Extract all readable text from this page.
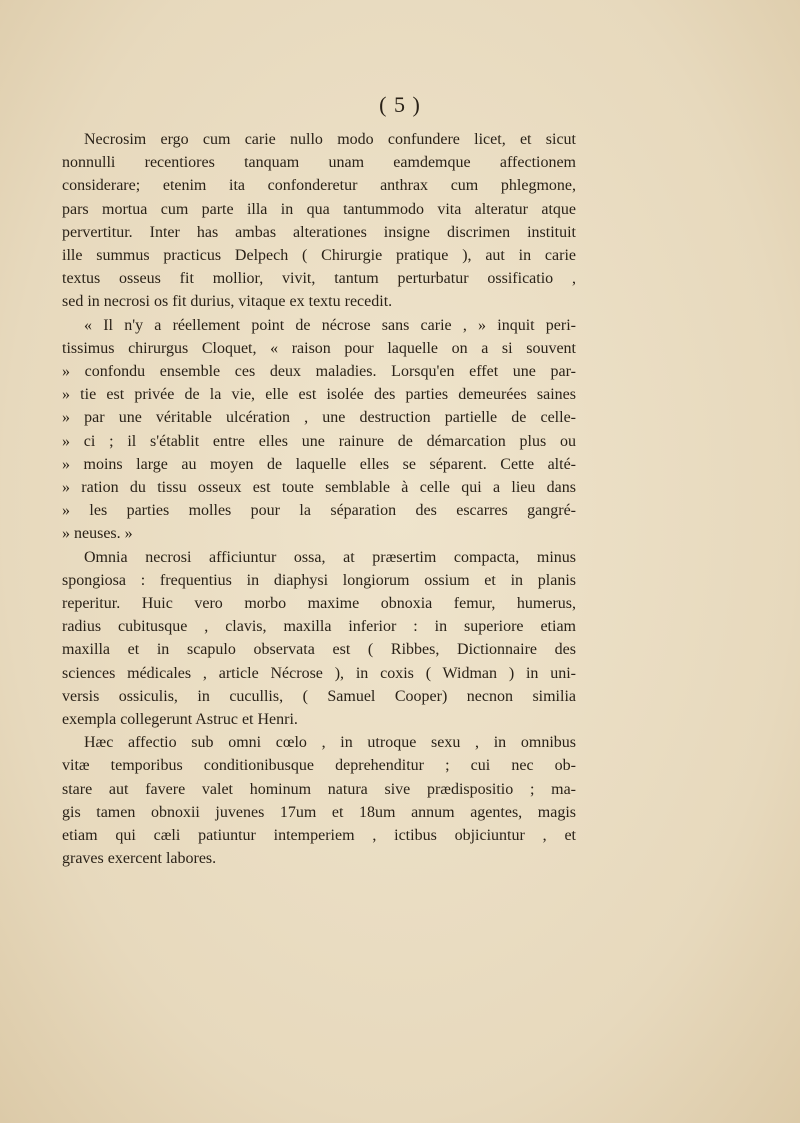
( 5 )
Necrosim ergo cum carie nullo modo confundere licet, et sicut
nonnulli recentiores tanquam unam eamdemque affectionem
considerare; etenim ita confonderetur anthrax cum phlegmone,
pars mortua cum parte illa in qua tantummodo vita alteratur atque
pervertitur. Inter has ambas alterationes insigne discrimen instituit
ille summus practicus Delpech ( Chirurgie pratique ), aut in carie
textus osseus fit mollior, vivit, tantum perturbatur ossificatio ,
sed in necrosi os fit durius, vitaque ex textu recedit.
« Il n'y a réellement point de nécrose sans carie , » inquit peri-
tissimus chirurgus Cloquet, « raison pour laquelle on a si souvent
» confondu ensemble ces deux maladies. Lorsqu'en effet une par-
» tie est privée de la vie, elle est isolée des parties demeurées saines
» par une véritable ulcération , une destruction partielle de celle-
» ci ; il s'établit entre elles une rainure de démarcation plus ou
» moins large au moyen de laquelle elles se séparent. Cette alté-
» ration du tissu osseux est toute semblable à celle qui a lieu dans
» les parties molles pour la séparation des escarres gangré-
» neuses. »
Omnia necrosi afficiuntur ossa, at præsertim compacta, minus
spongiosa : frequentius in diaphysi longiorum ossium et in planis
reperitur. Huic vero morbo maxime obnoxia femur, humerus,
radius cubitusque , clavis, maxilla inferior : in superiore etiam
maxilla et in scapulo observata est ( Ribbes, Dictionnaire des
sciences médicales , article Nécrose ), in coxis ( Widman ) in uni-
versis ossiculis, in cucullis, ( Samuel Cooper) necnon similia
exempla collegerunt Astruc et Henri.
Hæc affectio sub omni cœlo , in utroque sexu , in omnibus
vitæ temporibus conditionibusque deprehenditur ; cui nec ob-
stare aut favere valet hominum natura sive prædispositio ; ma-
gis tamen obnoxii juvenes 17um et 18um annum agentes, magis
etiam qui cæli patiuntur intemperiem , ictibus objiciuntur , et
graves exercent labores.
